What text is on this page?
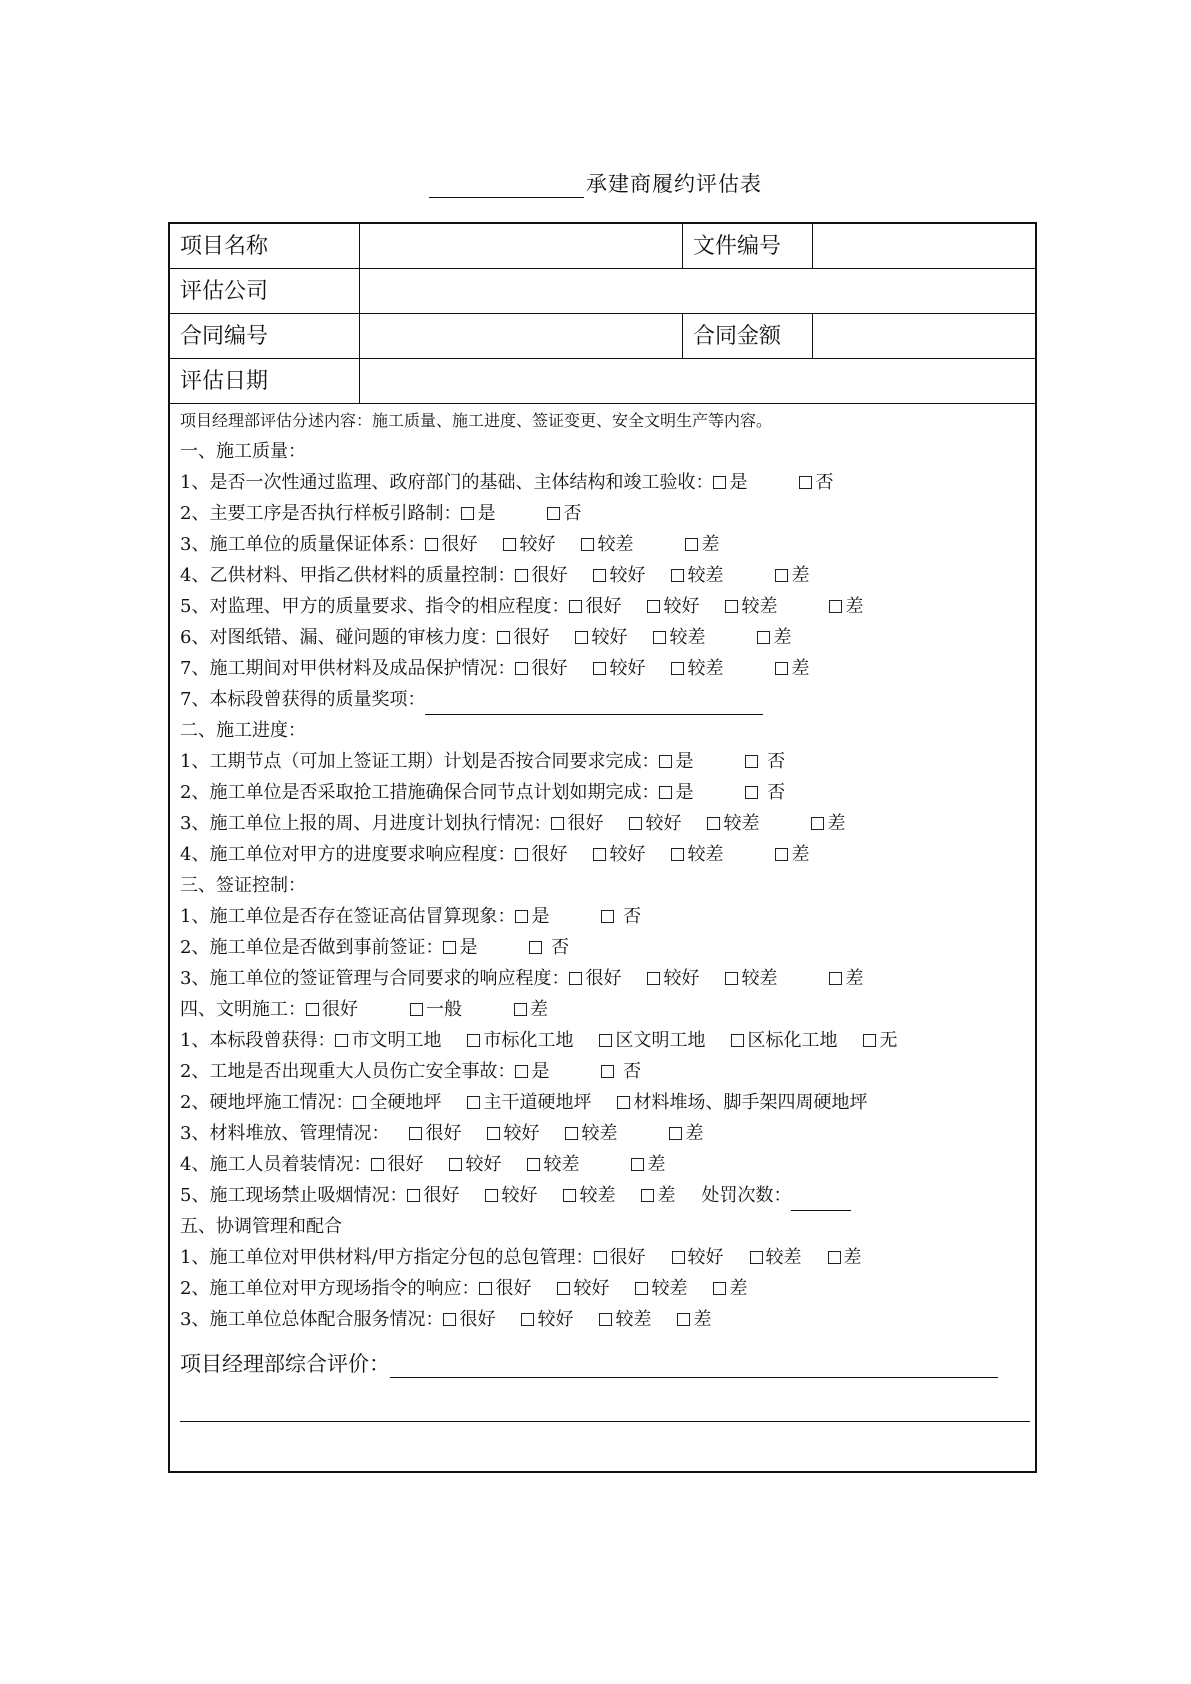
承建商履约评估表
项目名称	文件编号
评估公司
合同编号	合同金额
评估日期
项目经理部评估分述内容：施工质量、施工进度、签证变更、安全文明生产等内容。
一、施工质量：
1、是否一次性通过监理、政府部门的基础、主体结构和竣工验收： 是	否
2、主要工序是否执行样板引路制： 是	否
3、施工单位的质量保证体系： 很好 较好 较差	差
4、乙供材料、甲指乙供材料的质量控制： 很好 较好 较差	差
5、对监理、甲方的质量要求、指令的相应程度： 很好 较好 较差	差
6、对图纸错、漏、碰问题的审核力度： 很好 较好 较差	差
7、施工期间对甲供材料及成品保护情况： 很好 较好 较差	差
7、本标段曾获得的质量奖项：
二、施工进度：
1、工期节点（可加上签证工期）计划是否按合同要求完成： 是	否
2、施工单位是否采取抢工措施确保合同节点计划如期完成： 是	否
3、施工单位上报的周、月进度计划执行情况： 很好 较好 较差	差
4、施工单位对甲方的进度要求响应程度： 很好 较好 较差	差
三、签证控制：
1、施工单位是否存在签证高估冒算现象： 是	否
2、施工单位是否做到事前签证： 是	否
3、施工单位的签证管理与合同要求的响应程度： 很好 较好 较差	差
四、文明施工： 很好	一般	差
1、本标段曾获得： 市文明工地 市标化工地 区文明工地 区标化工地 无
2、工地是否出现重大人员伤亡安全事故： 是	否
2、硬地坪施工情况： 全硬地坪 主干道硬地坪 材料堆场、脚手架四周硬地坪
3、材料堆放、管理情况： 很好 较好 较差	差
4、施工人员着装情况： 很好 较好 较差	差
5、施工现场禁止吸烟情况： 很好 较好 较差 差 处罚次数：
五、协调管理和配合
1、施工单位对甲供材料/甲方指定分包的总包管理： 很好 较好 较差 差
2、施工单位对甲方现场指令的响应： 很好 较好 较差 差
3、施工单位总体配合服务情况： 很好 较好 较差 差
项目经理部综合评价：
